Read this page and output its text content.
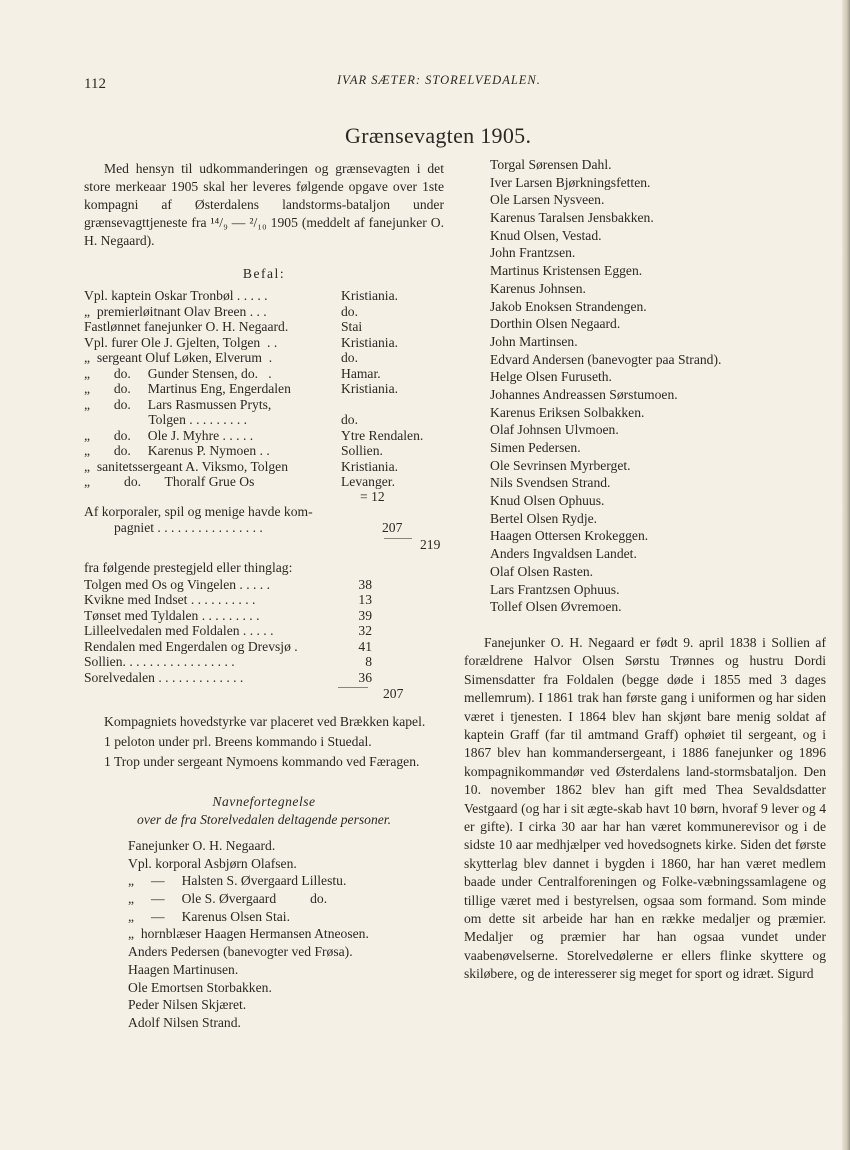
112	IVAR SÆTER: STORELVEDALEN.
Grænsevagten 1905.

Med hensyn til udkommanderingen og grænsevagten i det store merkeaar 1905 skal her leveres følgende opgave over 1ste kompagni af Østerdalens landstorms-bataljon under grænsevagttjeneste fra ¹⁴/₉ — ²/₁₀ 1905 (meddelt af fanejunker O. H. Negaard).

Befal:
Vpl. kaptein Oskar Tronbøl . . . . .	Kristiania.
„  premierløitnant Olav Breen . . .	do.
Fastlønnet fanejunker O. H. Negaard.	Stai
Vpl. furer Ole J. Gjelten, Tolgen  . .	Kristiania.
„  sergeant Oluf Løken, Elverum  .	do.
„       do.     Gunder Stensen, do.   .	Hamar.
„       do.     Martinus Eng, Engerdalen	Kristiania.
„       do.     Lars Rasmussen Pryts,
Tolgen . . . . . . . . .	do.
„       do.     Ole J. Myhre . . . . .	Ytre Rendalen.
„       do.     Karenus P. Nymoen . .	Sollien.
„  sanitetssergeant A. Viksmo, Tolgen	Kristiania.
„          do.       Thoralf Grue Os	Levanger.
= 12
Af korporaler, spil og menige havde kom-
pagniet . . . . . . . . . . . . . . . .	207
219
fra følgende prestegjeld eller thinglag:
Tolgen med Os og Vingelen . . . . .	38
Kvikne med Indset . . . . . . . . . .	13
Tønset med Tyldalen . . . . . . . . .	39
Lilleelvedalen med Foldalen . . . . .	32
Rendalen med Engerdalen og Drevsjø .	41
Sollien. . . . . . . . . . . . . . . . .	8
Sorelvedalen . . . . . . . . . . . . .	36
207

Kompagniets hovedstyrke var placeret ved Brækken kapel.

1 peloton under prl. Breens kommando i Stuedal.

1 Trop under sergeant Nymoens kommando ved Færagen.

Navnefortegnelse
over de fra Storelvedalen deltagende personer.
Fanejunker O. H. Negaard.
Vpl. korporal Asbjørn Olafsen.
„     —     Halsten S. Øvergaard Lillestu.
„     —     Ole S. Øvergaard          do.
„     —     Karenus Olsen Stai.
„  hornblæser Haagen Hermansen Atneosen.
Anders Pedersen (banevogter ved Frøsa).
Haagen Martinusen.
Ole Emortsen Storbakken.
Peder Nilsen Skjæret.
Adolf Nilsen Strand.
Torgal Sørensen Dahl.
Iver Larsen Bjørkningsfetten.
Ole Larsen Nysveen.
Karenus Taralsen Jensbakken.
Knud Olsen, Vestad.
John Frantzsen.
Martinus Kristensen Eggen.
Karenus Johnsen.
Jakob Enoksen Strandengen.
Dorthin Olsen Negaard.
John Martinsen.
Edvard Andersen (banevogter paa Strand).
Helge Olsen Furuseth.
Johannes Andreassen Sørstumoen.
Karenus Eriksen Solbakken.
Olaf Johnsen Ulvmoen.
Simen Pedersen.
Ole Sevrinsen Myrberget.
Nils Svendsen Strand.
Knud Olsen Ophuus.
Bertel Olsen Rydje.
Haagen Ottersen Krokeggen.
Anders Ingvaldsen Landet.
Olaf Olsen Rasten.
Lars Frantzsen Ophuus.
Tollef Olsen Øvremoen.

Fanejunker O. H. Negaard er født 9. april 1838 i Sollien af forældrene Halvor Olsen Sørstu Trønnes og hustru Dordi Simensdatter fra Foldalen (begge døde i 1855 med 3 dages mellemrum). I 1861 trak han første gang i uniformen og har siden været i tjenesten. I 1864 blev han skjønt bare menig soldat af kaptein Graff (far til amtmand Graff) ophøiet til sergeant, og i 1867 blev han kommandersergeant, i 1886 fanejunker og 1896 kompagnikommandør ved Østerdalens land-stormsbataljon. Den 10. november 1862 blev han gift med Thea Sevaldsdatter Vestgaard (og har i sit ægte-skab havt 10 børn, hvoraf 9 lever og 4 er gifte). I cirka 30 aar har han været kommunerevisor og i de sidste 10 aar medhjælper ved hovedsognets kirke. Siden det første skytterlag blev dannet i bygden i 1860, har han været medlem baade under Centralforeningen og Folke-væbningssamlagene og tillige været med i bestyrelsen, ogsaa som formand. Som minde om dette sit arbeide har han en række medaljer og præmier. Medaljer og præmier har han ogsaa vundet under vaabenøvelserne. Storelvedølerne er ellers flinke skyttere og skiløbere, og de interesserer sig meget for sport og idræt. Sigurd
